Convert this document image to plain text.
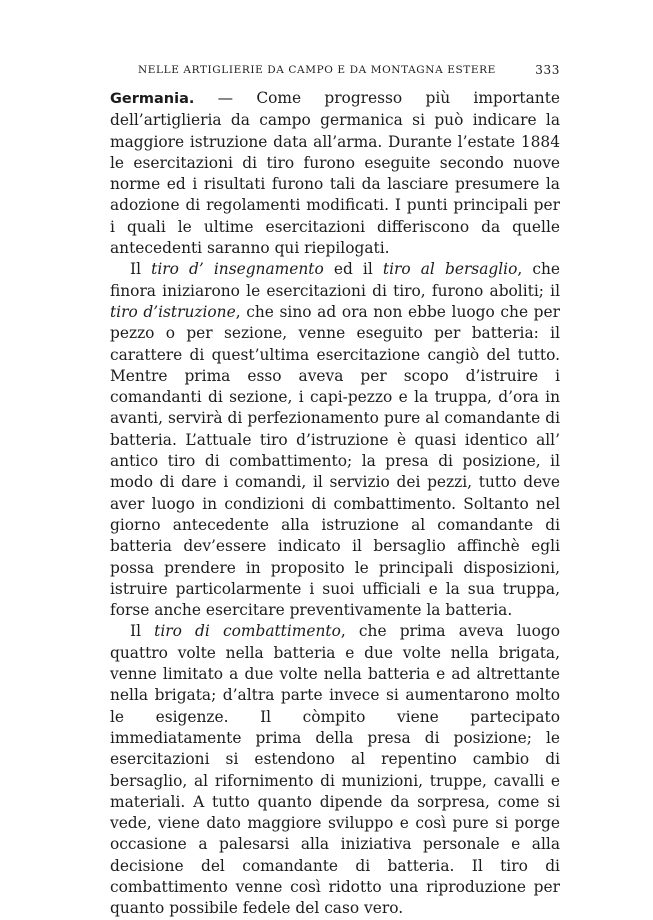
NELLE ARTIGLIERIE DA CAMPO E DA MONTAGNA ESTERE	333

Germania. — Come progresso più importante dell’artiglieria da campo germanica si può indicare la maggiore istruzione data all’arma. Durante l’estate 1884 le esercitazioni di tiro furono eseguite secondo nuove norme ed i risultati furono tali da lasciare presumere la adozione di regolamenti modificati. I punti principali per i quali le ultime esercitazioni differiscono da quelle antecedenti saranno qui riepilogati.

Il tiro d’ insegnamento ed il tiro al bersaglio, che finora iniziarono le esercitazioni di tiro, furono aboliti; il tiro d’istruzione, che sino ad ora non ebbe luogo che per pezzo o per sezione, venne eseguito per batteria: il carattere di quest’ultima esercitazione cangiò del tutto. Mentre prima esso aveva per scopo d’istruire i comandanti di sezione, i capi-pezzo e la truppa, d’ora in avanti, servirà di perfezionamento pure al comandante di batteria. L’attuale tiro d’istruzione è quasi identico all’ antico tiro di combattimento; la presa di posizione, il modo di dare i comandi, il servizio dei pezzi, tutto deve aver luogo in condizioni di combattimento. Soltanto nel giorno antecedente alla istruzione al comandante di batteria dev’essere indicato il bersaglio affinchè egli possa prendere in proposito le principali disposizioni, istruire particolarmente i suoi ufficiali e la sua truppa, forse anche esercitare preventivamente la batteria.

Il tiro di combattimento, che prima aveva luogo quattro volte nella batteria e due volte nella brigata, venne limitato a due volte nella batteria e ad altrettante nella brigata; d’altra parte invece si aumentarono molto le esigenze. Il còmpito viene partecipato immediatamente prima della presa di posizione; le esercitazioni si estendono al repentino cambio di bersaglio, al rifornimento di munizioni, truppe, cavalli e materiali. A tutto quanto dipende da sorpresa, come si vede, viene dato maggiore sviluppo e così pure si porge occasione a palesarsi alla iniziativa personale e alla decisione del comandante di batteria. Il tiro di combattimento venne così ridotto una riproduzione per quanto possibile fedele del caso vero.
